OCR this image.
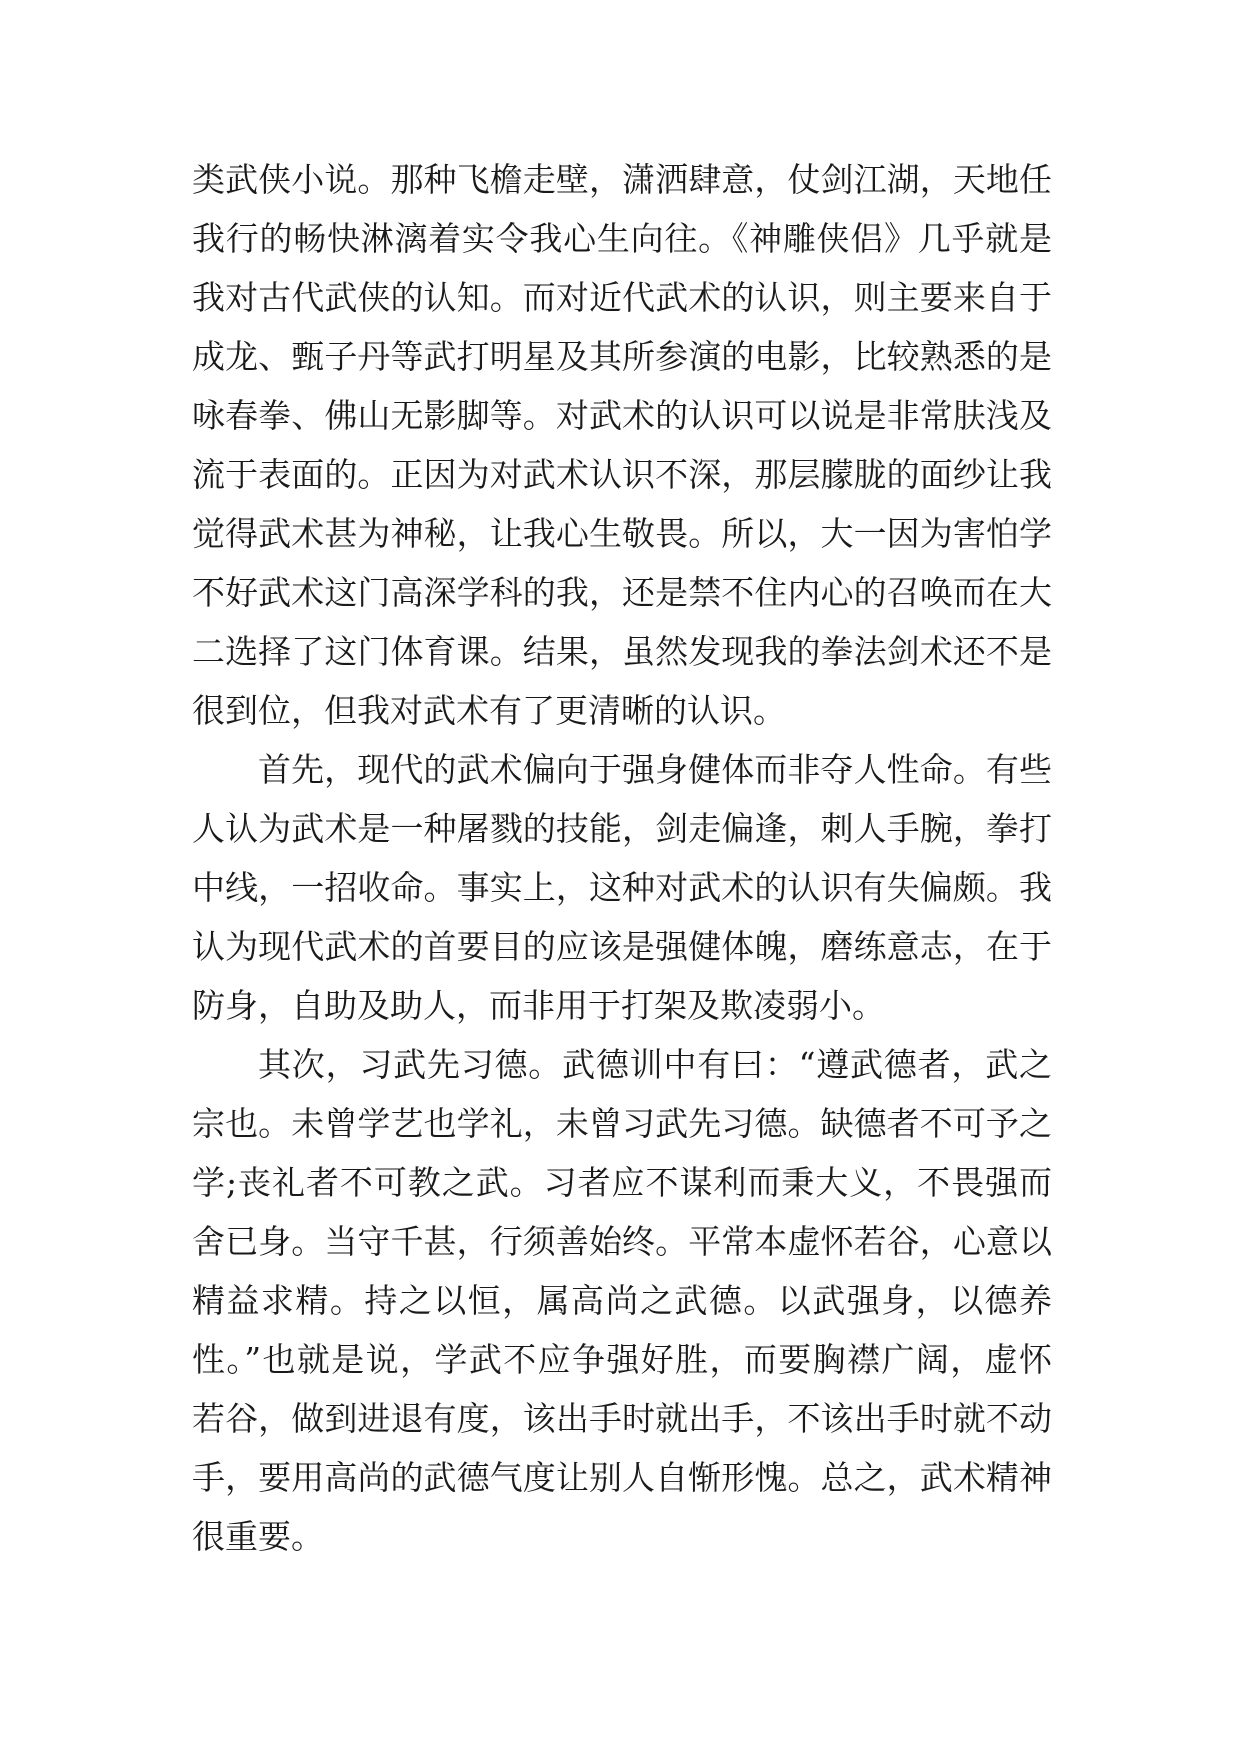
类武侠小说。那种飞檐走壁，潇洒肆意，仗剑江湖，天地任
我行的畅快淋漓着实令我心生向往。《神雕侠侣》几乎就是
我对古代武侠的认知。而对近代武术的认识，则主要来自于
成龙、甄子丹等武打明星及其所参演的电影，比较熟悉的是
咏春拳、佛山无影脚等。对武术的认识可以说是非常肤浅及
流于表面的。正因为对武术认识不深，那层朦胧的面纱让我
觉得武术甚为神秘，让我心生敬畏。所以，大一因为害怕学
不好武术这门高深学科的我，还是禁不住内心的召唤而在大
二选择了这门体育课。结果，虽然发现我的拳法剑术还不是
很到位，但我对武术有了更清晰的认识。
首先，现代的武术偏向于强身健体而非夺人性命。有些
人认为武术是一种屠戮的技能，剑走偏逢，刺人手腕，拳打
中线，一招收命。事实上，这种对武术的认识有失偏颇。我
认为现代武术的首要目的应该是强健体魄，磨练意志，在于
防身，自助及助人，而非用于打架及欺凌弱小。
其次，习武先习德。武德训中有曰：“遵武德者，武之
宗也。未曾学艺也学礼，未曾习武先习德。缺德者不可予之
学;丧礼者不可教之武。习者应不谋利而秉大义，不畏强而
舍已身。当守千甚，行须善始终。平常本虚怀若谷，心意以
精益求精。持之以恒，属高尚之武德。以武强身，以德养
性。”也就是说，学武不应争强好胜，而要胸襟广阔，虚怀
若谷，做到进退有度，该出手时就出手，不该出手时就不动
手，要用高尚的武德气度让别人自惭形愧。总之，武术精神
很重要。
